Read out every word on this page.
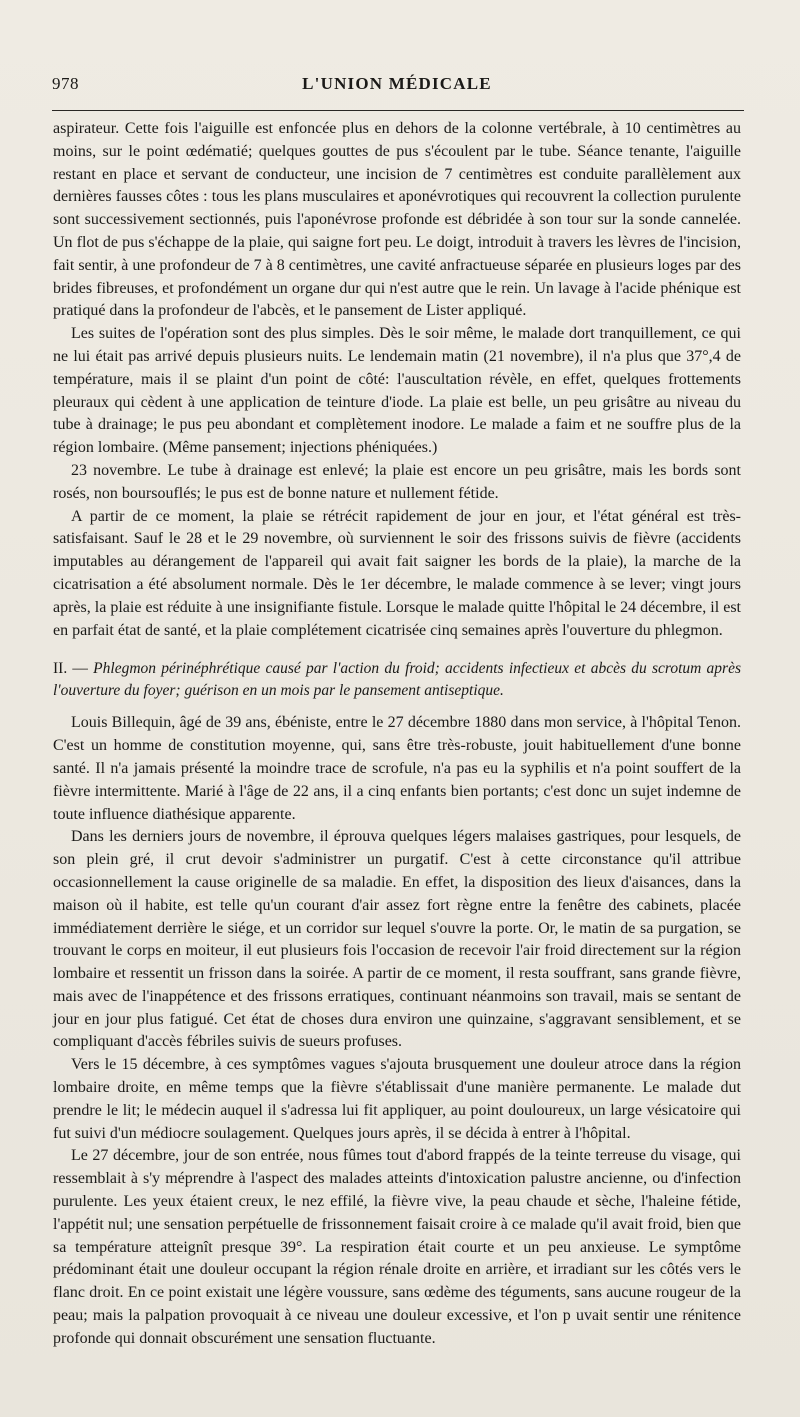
978	L'UNION MÉDICALE

aspirateur. Cette fois l'aiguille est enfoncée plus en dehors de la colonne vertébrale, à 10 centimètres au moins, sur le point œdématié; quelques gouttes de pus s'écoulent par le tube. Séance tenante, l'aiguille restant en place et servant de conducteur, une incision de 7 centimètres est conduite parallèlement aux dernières fausses côtes : tous les plans musculaires et aponévrotiques qui recouvrent la collection purulente sont successivement sectionnés, puis l'aponévrose profonde est débridée à son tour sur la sonde cannelée. Un flot de pus s'échappe de la plaie, qui saigne fort peu. Le doigt, introduit à travers les lèvres de l'incision, fait sentir, à une profondeur de 7 à 8 centimètres, une cavité anfractueuse séparée en plusieurs loges par des brides fibreuses, et profondément un organe dur qui n'est autre que le rein. Un lavage à l'acide phénique est pratiqué dans la profondeur de l'abcès, et le pansement de Lister appliqué.

Les suites de l'opération sont des plus simples. Dès le soir même, le malade dort tranquillement, ce qui ne lui était pas arrivé depuis plusieurs nuits. Le lendemain matin (21 novembre), il n'a plus que 37°,4 de température, mais il se plaint d'un point de côté: l'auscultation révèle, en effet, quelques frottements pleuraux qui cèdent à une application de teinture d'iode. La plaie est belle, un peu grisâtre au niveau du tube à drainage; le pus peu abondant et complètement inodore. Le malade a faim et ne souffre plus de la région lombaire. (Même pansement; injections phéniquées.)

23 novembre. Le tube à drainage est enlevé; la plaie est encore un peu grisâtre, mais les bords sont rosés, non boursouflés; le pus est de bonne nature et nullement fétide.

A partir de ce moment, la plaie se rétrécit rapidement de jour en jour, et l'état général est très-satisfaisant. Sauf le 28 et le 29 novembre, où surviennent le soir des frissons suivis de fièvre (accidents imputables au dérangement de l'appareil qui avait fait saigner les bords de la plaie), la marche de la cicatrisation a été absolument normale. Dès le 1er décembre, le malade commence à se lever; vingt jours après, la plaie est réduite à une insignifiante fistule. Lorsque le malade quitte l'hôpital le 24 décembre, il est en parfait état de santé, et la plaie complétement cicatrisée cinq semaines après l'ouverture du phlegmon.

II. — Phlegmon périnéphrétique causé par l'action du froid; accidents infectieux et abcès du scrotum après l'ouverture du foyer; guérison en un mois par le pansement antiseptique.

Louis Billequin, âgé de 39 ans, ébéniste, entre le 27 décembre 1880 dans mon service, à l'hôpital Tenon. C'est un homme de constitution moyenne, qui, sans être très-robuste, jouit habituellement d'une bonne santé. Il n'a jamais présenté la moindre trace de scrofule, n'a pas eu la syphilis et n'a point souffert de la fièvre intermittente. Marié à l'âge de 22 ans, il a cinq enfants bien portants; c'est donc un sujet indemne de toute influence diathésique apparente.

Dans les derniers jours de novembre, il éprouva quelques légers malaises gastriques, pour lesquels, de son plein gré, il crut devoir s'administrer un purgatif. C'est à cette circonstance qu'il attribue occasionnellement la cause originelle de sa maladie. En effet, la disposition des lieux d'aisances, dans la maison où il habite, est telle qu'un courant d'air assez fort règne entre la fenêtre des cabinets, placée immédiatement derrière le siége, et un corridor sur lequel s'ouvre la porte. Or, le matin de sa purgation, se trouvant le corps en moiteur, il eut plusieurs fois l'occasion de recevoir l'air froid directement sur la région lombaire et ressentit un frisson dans la soirée. A partir de ce moment, il resta souffrant, sans grande fièvre, mais avec de l'inappétence et des frissons erratiques, continuant néanmoins son travail, mais se sentant de jour en jour plus fatigué. Cet état de choses dura environ une quinzaine, s'aggravant sensiblement, et se compliquant d'accès fébriles suivis de sueurs profuses.

Vers le 15 décembre, à ces symptômes vagues s'ajouta brusquement une douleur atroce dans la région lombaire droite, en même temps que la fièvre s'établissait d'une manière permanente. Le malade dut prendre le lit; le médecin auquel il s'adressa lui fit appliquer, au point douloureux, un large vésicatoire qui fut suivi d'un médiocre soulagement. Quelques jours après, il se décida à entrer à l'hôpital.

Le 27 décembre, jour de son entrée, nous fûmes tout d'abord frappés de la teinte terreuse du visage, qui ressemblait à s'y méprendre à l'aspect des malades atteints d'intoxication palustre ancienne, ou d'infection purulente. Les yeux étaient creux, le nez effilé, la fièvre vive, la peau chaude et sèche, l'haleine fétide, l'appétit nul; une sensation perpétuelle de frissonnement faisait croire à ce malade qu'il avait froid, bien que sa température atteignît presque 39°. La respiration était courte et un peu anxieuse. Le symptôme prédominant était une douleur occupant la région rénale droite en arrière, et irradiant sur les côtés vers le flanc droit. En ce point existait une légère voussure, sans œdème des téguments, sans aucune rougeur de la peau; mais la palpation provoquait à ce niveau une douleur excessive, et l'on p uvait sentir une rénitence profonde qui donnait obscurément une sensation fluctuante.
